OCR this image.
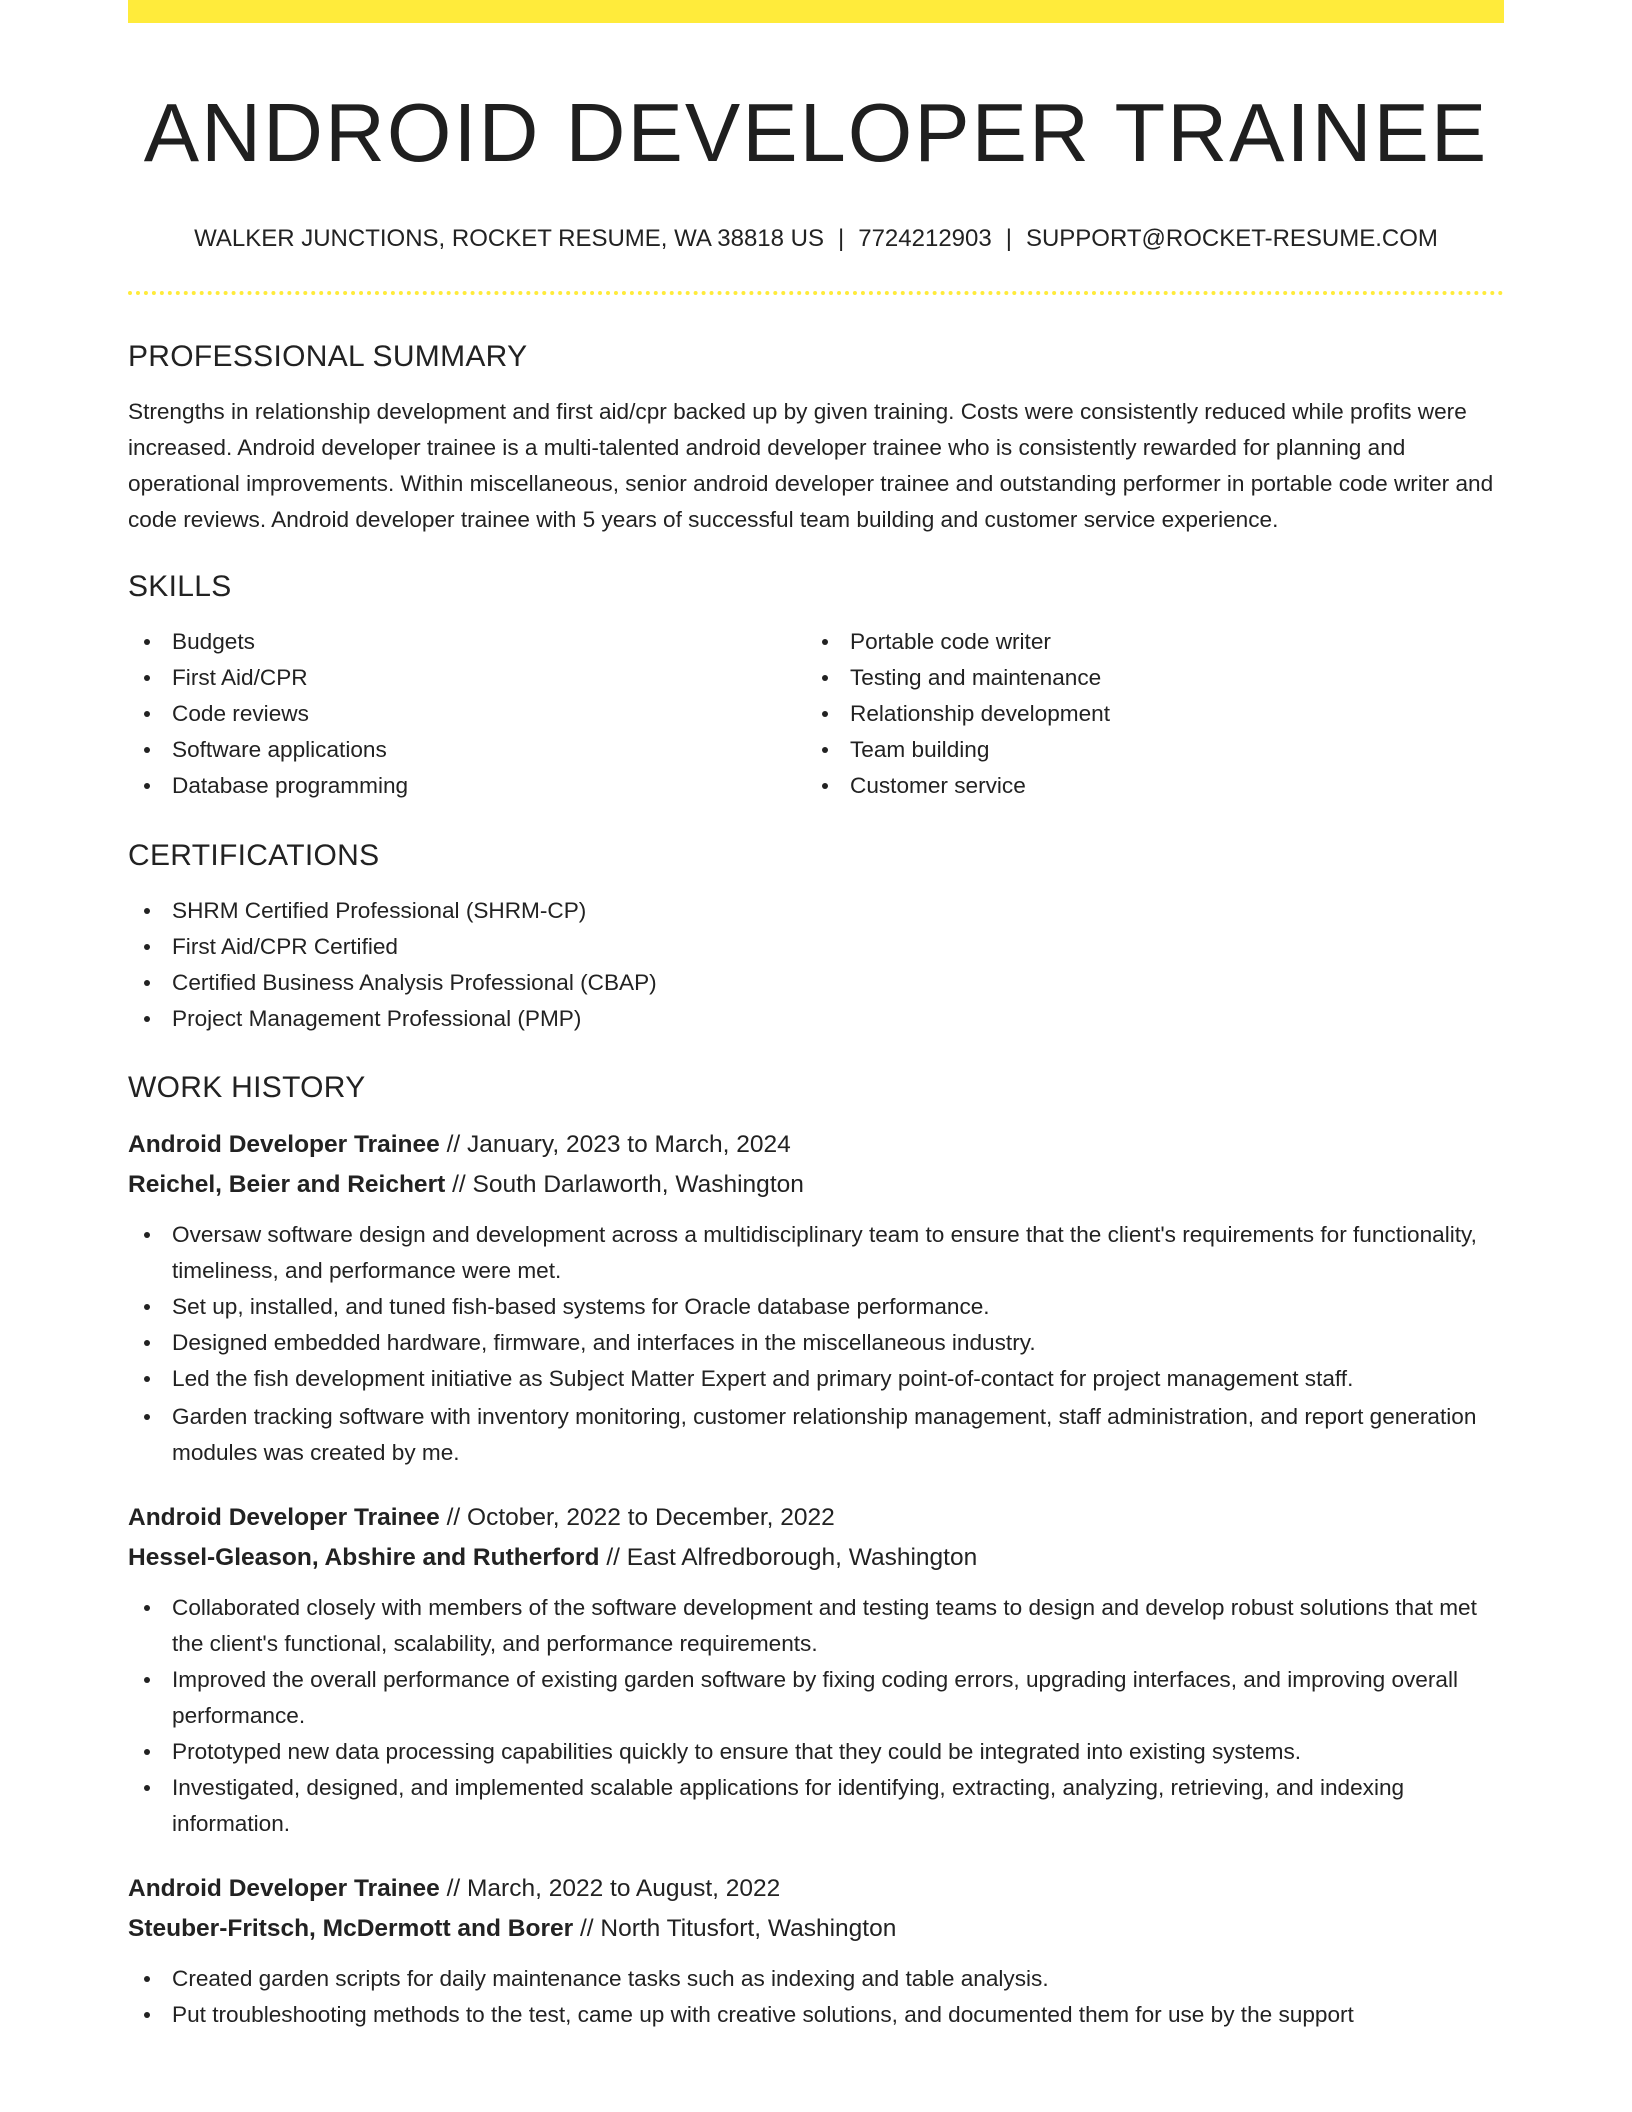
ANDROID DEVELOPER TRAINEE
WALKER JUNCTIONS, ROCKET RESUME, WA 38818 US | 7724212903 | SUPPORT@ROCKET-RESUME.COM
PROFESSIONAL SUMMARY

Strengths in relationship development and first aid/cpr backed up by given training. Costs were consistently reduced while profits were increased. Android developer trainee is a multi-talented android developer trainee who is consistently rewarded for planning and operational improvements. Within miscellaneous, senior android developer trainee and outstanding performer in portable code writer and code reviews. Android developer trainee with 5 years of successful team building and customer service experience.

SKILLS
Budgets
First Aid/CPR
Code reviews
Software applications
Database programming
Portable code writer
Testing and maintenance
Relationship development
Team building
Customer service
CERTIFICATIONS
SHRM Certified Professional (SHRM-CP)
First Aid/CPR Certified
Certified Business Analysis Professional (CBAP)
Project Management Professional (PMP)
WORK HISTORY
Android Developer Trainee // January, 2023 to March, 2024
Reichel, Beier and Reichert // South Darlaworth, Washington
Oversaw software design and development across a multidisciplinary team to ensure that the client's requirements for functionality, timeliness, and performance were met.
Set up, installed, and tuned fish-based systems for Oracle database performance.
Designed embedded hardware, firmware, and interfaces in the miscellaneous industry.
Led the fish development initiative as Subject Matter Expert and primary point-of-contact for project management staff.
Garden tracking software with inventory monitoring, customer relationship management, staff administration, and report generation modules was created by me.
Android Developer Trainee // October, 2022 to December, 2022
Hessel-Gleason, Abshire and Rutherford // East Alfredborough, Washington
Collaborated closely with members of the software development and testing teams to design and develop robust solutions that met the client's functional, scalability, and performance requirements.
Improved the overall performance of existing garden software by fixing coding errors, upgrading interfaces, and improving overall performance.
Prototyped new data processing capabilities quickly to ensure that they could be integrated into existing systems.
Investigated, designed, and implemented scalable applications for identifying, extracting, analyzing, retrieving, and indexing information.
Android Developer Trainee // March, 2022 to August, 2022
Steuber-Fritsch, McDermott and Borer // North Titusfort, Washington
Created garden scripts for daily maintenance tasks such as indexing and table analysis.
Put troubleshooting methods to the test, came up with creative solutions, and documented them for use by the support
